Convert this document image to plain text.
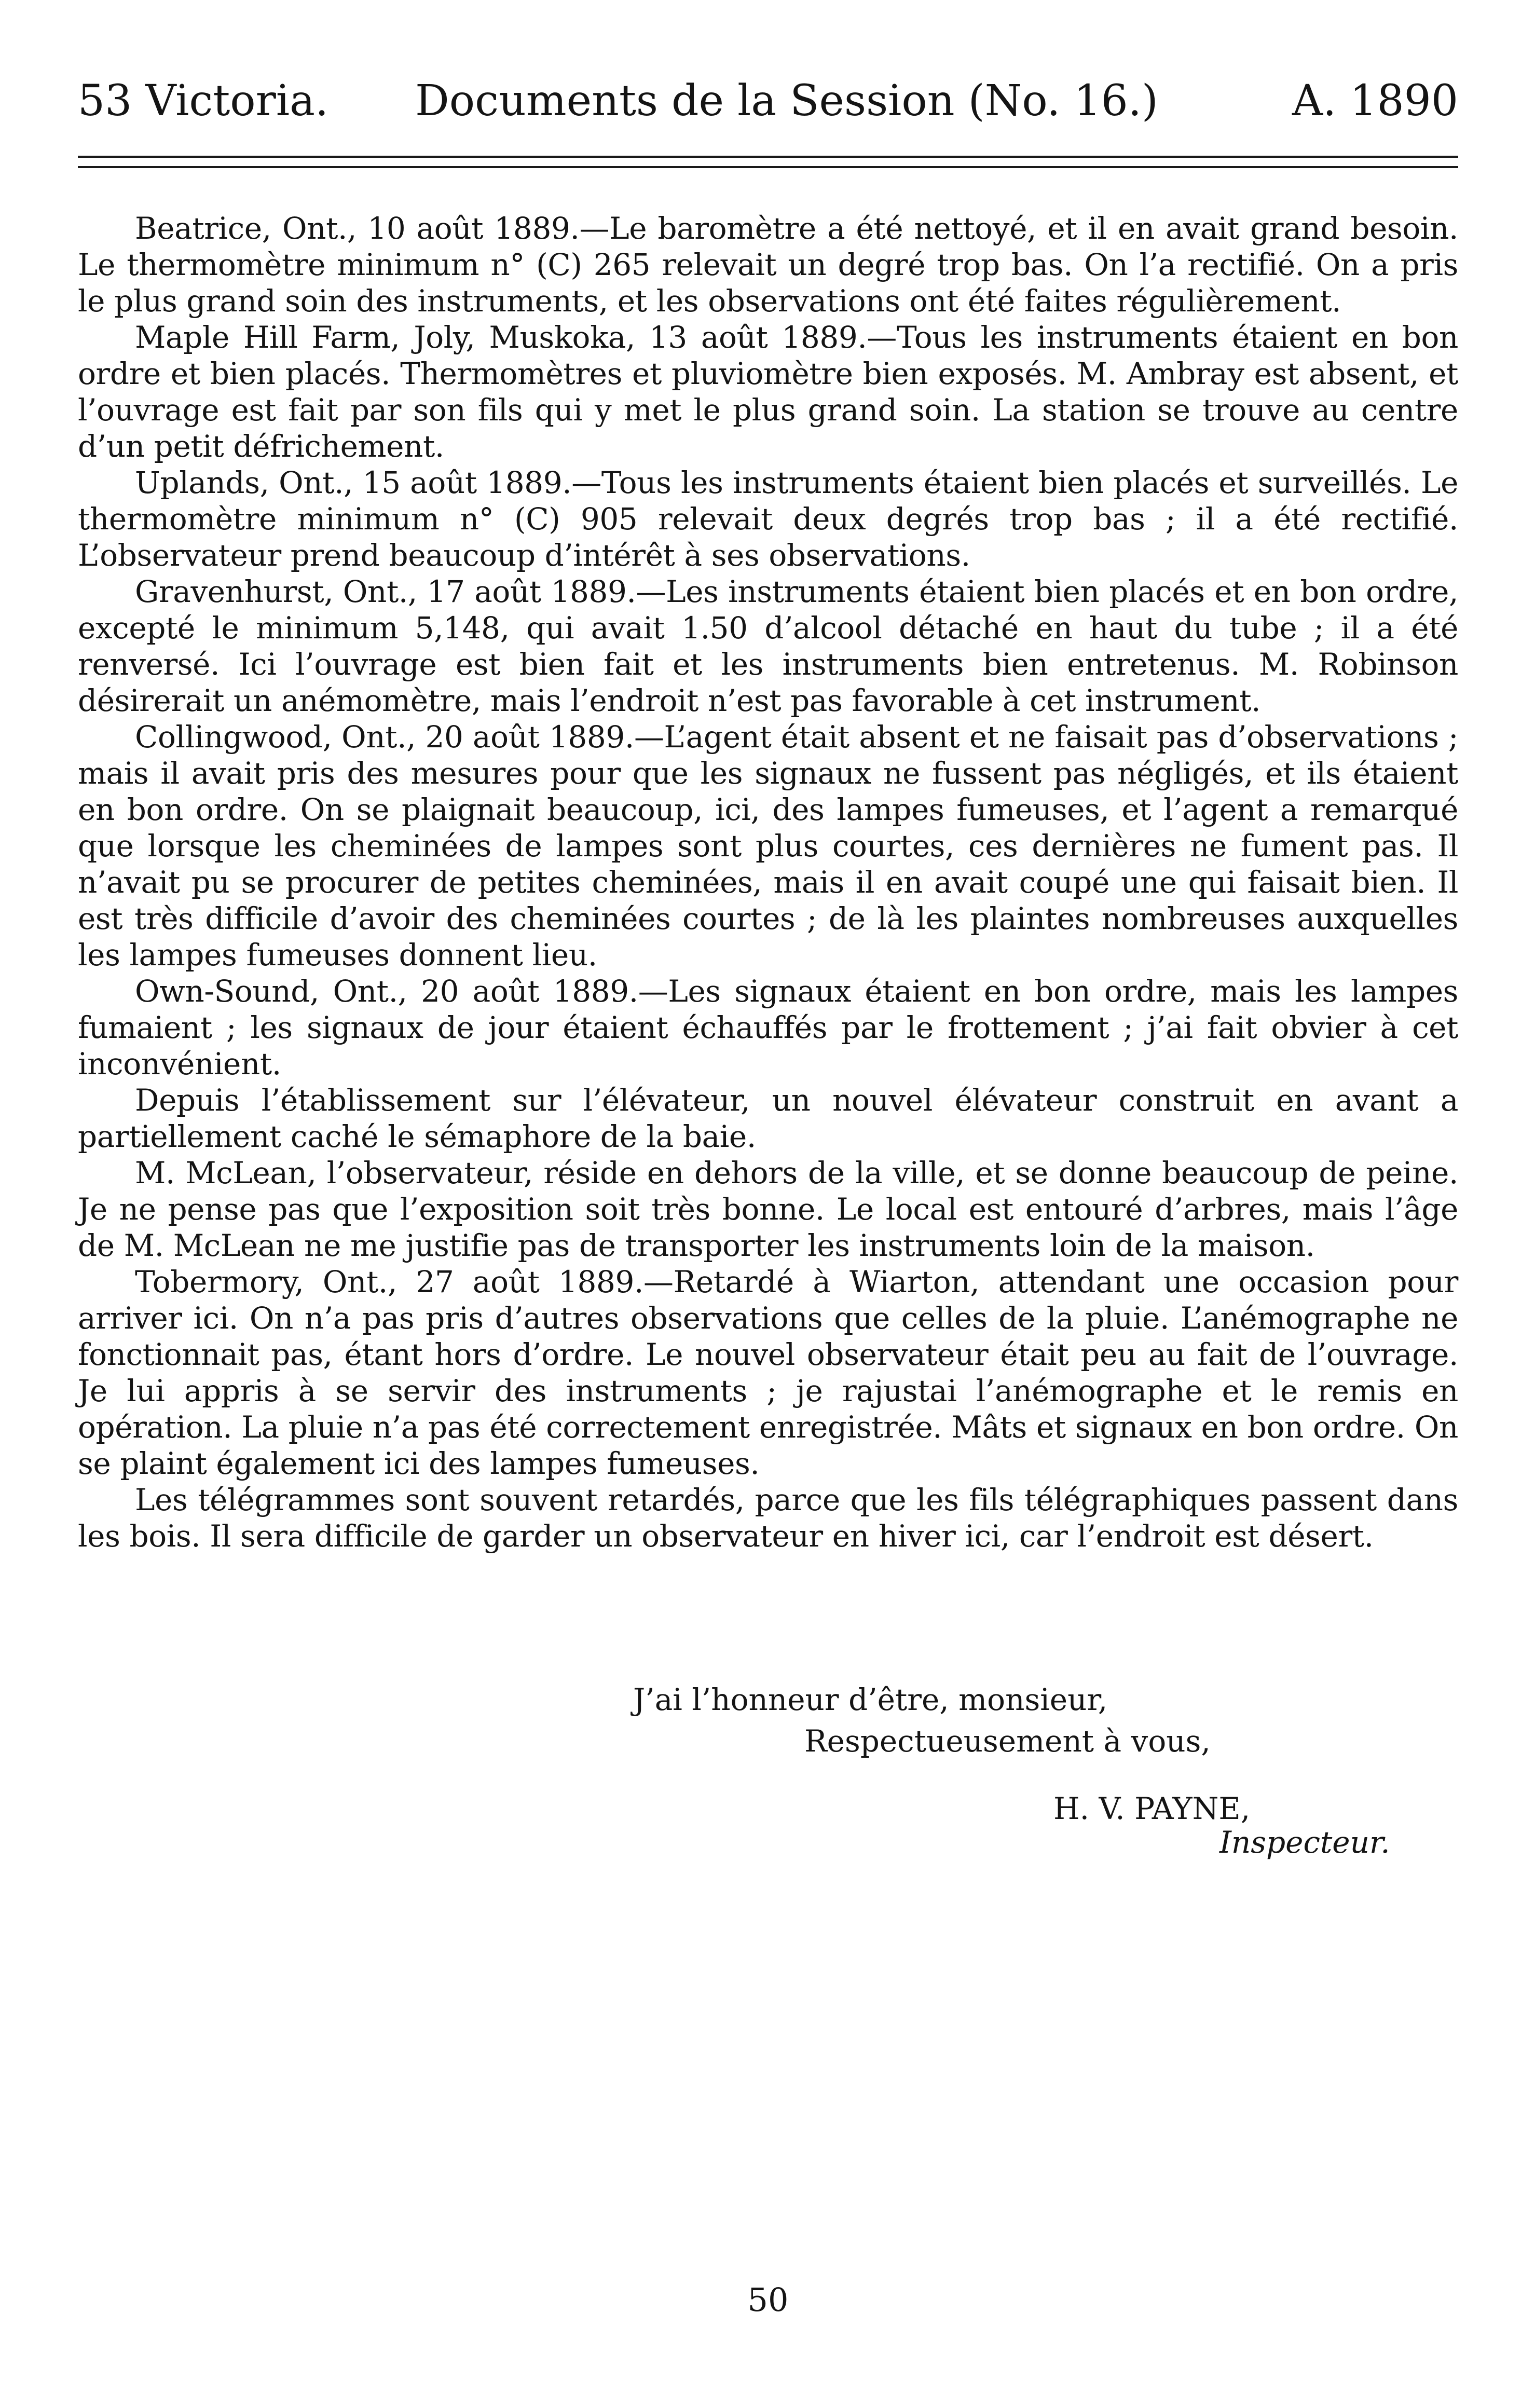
53 Victoria. Documents de la Session (No. 16.)	A. 1890

Beatrice, Ont., 10 août 1889.—Le baromètre a été nettoyé, et il en avait grand besoin. Le thermomètre minimum n° (C) 265 relevait un degré trop bas. On l’a rectifié. On a pris le plus grand soin des instruments, et les observations ont été faites régulièrement.

Maple Hill Farm, Joly, Muskoka, 13 août 1889.—Tous les instruments étaient en bon ordre et bien placés. Thermomètres et pluviomètre bien exposés. M. Ambray est absent, et l’ouvrage est fait par son fils qui y met le plus grand soin. La station se trouve au centre d’un petit défrichement.

Uplands, Ont., 15 août 1889.—Tous les instruments étaient bien placés et surveillés. Le thermomètre minimum n° (C) 905 relevait deux degrés trop bas ; il a été rectifié. L’observateur prend beaucoup d’intérêt à ses observations.

Gravenhurst, Ont., 17 août 1889.—Les instruments étaient bien placés et en bon ordre, excepté le minimum 5,148, qui avait 1.50 d’alcool détaché en haut du tube ; il a été renversé. Ici l’ouvrage est bien fait et les instruments bien entretenus. M. Robinson désirerait un anémomètre, mais l’endroit n’est pas favorable à cet instrument.

Collingwood, Ont., 20 août 1889.—L’agent était absent et ne faisait pas d’observations ; mais il avait pris des mesures pour que les signaux ne fussent pas négligés, et ils étaient en bon ordre. On se plaignait beaucoup, ici, des lampes fumeuses, et l’agent a remarqué que lorsque les cheminées de lampes sont plus courtes, ces dernières ne fument pas. Il n’avait pu se procurer de petites cheminées, mais il en avait coupé une qui faisait bien. Il est très difficile d’avoir des cheminées courtes ; de là les plaintes nombreuses auxquelles les lampes fumeuses donnent lieu.

Own-Sound, Ont., 20 août 1889.—Les signaux étaient en bon ordre, mais les lampes fumaient ; les signaux de jour étaient échauffés par le frottement ; j’ai fait obvier à cet inconvénient.

Depuis l’établissement sur l’élévateur, un nouvel élévateur construit en avant a partiellement caché le sémaphore de la baie.

M. McLean, l’observateur, réside en dehors de la ville, et se donne beaucoup de peine. Je ne pense pas que l’exposition soit très bonne. Le local est entouré d’arbres, mais l’âge de M. McLean ne me justifie pas de transporter les instruments loin de la maison.

Tobermory, Ont., 27 août 1889.—Retardé à Wiarton, attendant une occasion pour arriver ici. On n’a pas pris d’autres observations que celles de la pluie. L’anémographe ne fonctionnait pas, étant hors d’ordre. Le nouvel observateur était peu au fait de l’ouvrage. Je lui appris à se servir des instruments ; je rajustai l’anémographe et le remis en opération. La pluie n’a pas été correctement enregistrée. Mâts et signaux en bon ordre. On se plaint également ici des lampes fumeuses.

Les télégrammes sont souvent retardés, parce que les fils télégraphiques passent dans les bois. Il sera difficile de garder un observateur en hiver ici, car l’endroit est désert.

J’ai l’honneur d’être, monsieur,
Respectueusement à vous,
H. V. PAYNE,
Inspecteur.
50
